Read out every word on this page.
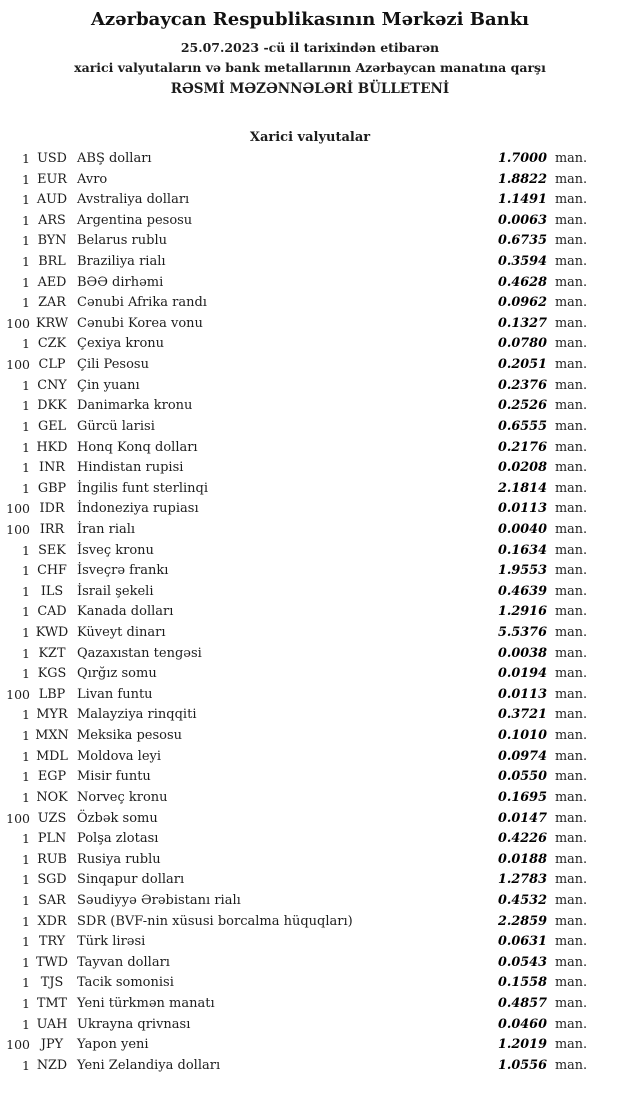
Azərbaycan Respublikasının Mərkəzi Bankı
25.07.2023 -cü il tarixindən etibarən
xarici valyutaların və bank metallarının Azərbaycan manatına qarşı
RƏSMİ MƏZƏNNƏLƏRİ BÜLLETENİ
Xarici valyutalar
1 USD ABŞ dolları	1.7000 man.
1 EUR Avro	1.8822 man.
1 AUD Avstraliya dolları	1.1491 man.
1 ARS Argentina pesosu	0.0063 man.
1 BYN Belarus rublu	0.6735 man.
1 BRL Braziliya rialı	0.3594 man.
1 AED BƏƏ dirhəmi	0.4628 man.
1 ZAR Cənubi Afrika randı	0.0962 man.
100 KRW Cənubi Korea vonu	0.1327 man.
1 CZK Çexiya kronu	0.0780 man.
100 CLP Çili Pesosu	0.2051 man.
1 CNY Çin yuanı	0.2376 man.
1 DKK Danimarka kronu	0.2526 man.
1 GEL Gürcü larisi	0.6555 man.
1 HKD Honq Konq dolları	0.2176 man.
1 INR Hindistan rupisi	0.0208 man.
1 GBP İngilis funt sterlinqi	2.1814 man.
100 IDR İndoneziya rupiası	0.0113 man.
100 IRR İran rialı	0.0040 man.
1 SEK İsveç kronu	0.1634 man.
1 CHF İsveçrə frankı	1.9553 man.
1 ILS	İsrail şekeli	0.4639 man.
1 CAD Kanada dolları	1.2916 man.
1 KWD Küveyt dinarı	5.5376 man.
1 KZT Qazaxıstan tengəsi	0.0038 man.
1 KGS Qırğız somu	0.0194 man.
100 LBP Livan funtu	0.0113 man.
1 MYR Malayziya rinqqiti	0.3721 man.
1 MXN Meksika pesosu	0.1010 man.
1 MDL Moldova leyi	0.0974 man.
1 EGP Misir funtu	0.0550 man.
1 NOK Norveç kronu	0.1695 man.
100 UZS Özbək somu	0.0147 man.
1 PLN Polşa zlotası	0.4226 man.
1 RUB Rusiya rublu	0.0188 man.
1 SGD Sinqapur dolları	1.2783 man.
1 SAR Səudiyyə Ərəbistanı rialı	0.4532 man.
1 XDR SDR (BVF-nin xüsusi borcalma hüquqları)	2.2859 man.
1 TRY Türk lirəsi	0.0631 man.
1 TWD Tayvan dolları	0.0543 man.
1 TJS	Tacik somonisi	0.1558 man.
1 TMT Yeni türkmən manatı	0.4857 man.
1 UAH Ukrayna qrivnası	0.0460 man.
100 JPY	Yapon yeni	1.2019 man.
1 NZD Yeni Zelandiya dolları	1.0556 man.
